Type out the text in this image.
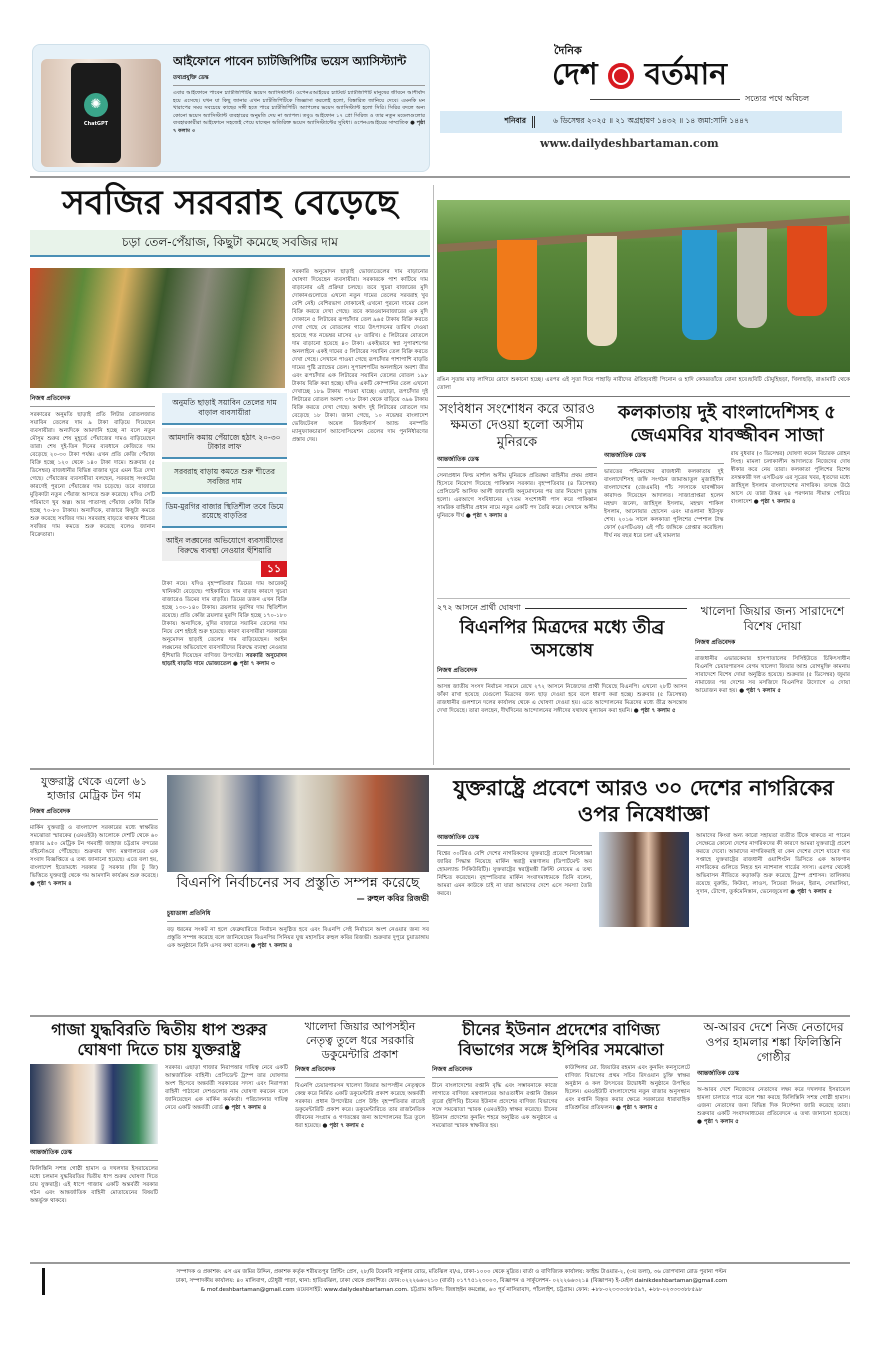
✺
ChatGPT
আইফোনে পাবেন চ্যাটজিপিটির ভয়েস অ্যাসিস্ট্যান্ট
তথ্যপ্রযুক্তি ডেস্ক
এবার আইফোনে পাবেন চ্যাটজিপিটির ভয়েস অ্যাসিস্ট্যান্ট। ওপেনএআইয়ের চ্যাটবট চ্যাটজিপিটি মানুষের জীবনে আশীর্বাদ হয়ে এসেছে। যখন যা কিছু জানার এখন চ্যাটজিপিটিকে জিজ্ঞাসা করলেই হলো, বিস্তারিত জানিয়ে দেবে। এমনকি মন খারাপের সময় সবচেয়ে কাছের সঙ্গী হতে পারে চ্যাটজিপিটি। অ্যাপলের ভয়েস অ্যাসিস্ট্যান্ট হলো সিরি। সিরির বদলে অন্য কোনো ভয়েস অ্যাসিস্ট্যান্ট ব্যবহারের অনুমতি দেয় না অ্যাপল। তবুও আইফোন ১৭ প্রো সিরিজ ও তার নতুন মডেলগুলোর ব্যবহারকারীরা আইফোনে সহজেই পেয়ে যাচ্ছেন অতিরিক্ত ভয়েস অ্যাসিস্ট্যান্টের সুবিধা। ওপেনএআইয়ের সাম্প্রতিক ● পৃষ্ঠা ৭ কলাম ৩
দৈনিক
দেশ বর্তমান
সত্যের পথে অবিচল
শনিবার	৬ ডিসেম্বর ২০২৫ ॥ ২১ অগ্রহায়ণ ১৪৩২ ॥ ১৪ জমা:সানি ১৪৪৭
www.dailydeshbartaman.com
সবজির সরবরাহ বেড়েছে
চড়া তেল-পেঁয়াজ, কিছুটা কমেছে সবজির দাম
নিজস্ব প্রতিবেদক
সরকারের অনুমতি ছাড়াই প্রতি লিটার বোতলজাত সয়াবিন তেলের দাম ৯ টাকা বাড়িয়ে দিয়েছেন ব্যবসায়ীরা। অন্যদিকে আমদানি হচ্ছে না বলে নতুন মৌসুম শুরুর শেষ মুহূর্তে পেঁয়াজের দামও বাড়িয়েছেন তারা। শেষ দুই-তিন দিনের ব্যবধানে কেজিতে দাম বেড়েছে ২০-৩০ টাকা পর্যন্ত। এখন প্রতি কেজি পেঁয়াজ বিক্রি হচ্ছে ১২০ থেকে ১৪০ টাকা দামে। শুক্রবার (৫ ডিসেম্বর) রাজধানীর বিভিন্ন বাজার ঘুরে এমন চিত্র দেখা গেছে। পেঁয়াজের ব্যবসায়ীরা বলছেন, সরবরাহ সংকটের কারণেই পুরনো পেঁয়াজের দাম চড়েছে। তবে বাজারে মুড়িকাটা নতুন পেঁয়াজ আসতে শুরু করেছে। যদিও সেটি পরিমাণে খুব অল্প। আর পাতাসহ পেঁয়াজ কেজি বিক্রি হচ্ছে ৭০-৮০ টাকায়। অন্যদিকে, বাজারে কিছুটা কমতে শুরু করেছে সবজির দাম। সরবরাহ বাড়তে থাকায় শীতের সবজির দাম কমতে শুরু করেছে বলেও জানান বিক্রেতারা।
অনুমতি ছাড়াই সয়াবিন তেলের দাম বাড়াল ব্যবসায়ীরা
আমদানি কমায় পেঁয়াজে হঠাৎ ২০-৩০ টাকার লাফ
সরবরাহ বাড়ায় কমতে শুরু শীতের সবজির দাম
ডিম-মুরগির বাজার স্থিতিশীল তবে ডিমে রয়েছে বাড়তির
আইন লঙ্ঘনের অভিযোগে ব্যবসায়ীদের বিরুদ্ধে ব্যবস্থা নেওয়ার হুঁশিয়ারি
১১
টাকা নয়ে। যদিও বৃহস্পতিবার ডিমের দাম আরেকটু খানিকটা বেড়েছে। পাইকারিতে দাম বাড়ার কারণে খুচরা বাজারেও ডিমের দাম বাড়তি। ডিমের ডজন এখন বিক্রি হচ্ছে ১৩০-১৪০ টাকায়। ব্রয়লার মুরগির দাম স্থিতিশীল রয়েছে। প্রতি কেজি ব্রয়লার মুরগি বিক্রি হচ্ছে ১৭০-১৮০ টাকায়। অন্যদিকে, মুদির বাজারে সয়াবিন তেলের দাম নিয়ে বেশ হইচই শুরু হয়েছে। কারণ ব্যবসায়ীরা সরকারের অনুমোদন ছাড়াই তেলের দাম বাড়িয়েছেন। আইন লঙ্ঘনের অভিযোগে ব্যবসায়ীদের বিরুদ্ধে ব্যবস্থা নেওয়ার হুঁশিয়ারি দিয়েছেন বাণিজ্য উপদেষ্টা। সরকারি অনুমোদন ছাড়াই বাড়তি দামে ভোজ্যতেল ● পৃষ্ঠা ৭ কলাম ৩
সরকারি অনুমোদন ছাড়াই ভোজ্যতেলের দাম বাড়ানোর ঘোষণা দিয়েছেন ব্যবসায়ীরা। সরকারকে পাশ কাটিয়ে দাম বাড়ানোর এই প্রক্রিয়া চলছে। তবে খুচরা বাজারের মুদি দোকানগুলোতে এখনো নতুন দামের তেলের সরবরাহ খুব বেশি নেই। বেশিরভাগ দোকানেই এখনো পুরনো দামের তেল বিক্রি করতে দেখা গেছে। তবে কারওয়ানবাজারের এক মুদি দোকানে ৫ লিটারের রূপচাঁদার তেল ৯৬৫ টাকায় বিক্রি করতে দেখা গেছে যে বোতলের গায়ে উৎপাদনের তারিখ দেওয়া হয়েছে গত নভেম্বর মাসের ২৮ তারিখ। ৫ লিটারের বোতলে দাম বাড়ানো হয়েছে ৪৩ টাকা। একইভাবে স্বপ্ন সুপারশপের অনলাইনে একই দামের ৫ লিটারের সয়াবিন তেল বিক্রি করতে দেখা গেছে। সেখানে পাওয়া গেছে রূপচাঁদার পাশাপাশি বাড়তি দামের পুষ্টি ব্র্যান্ডের তেল। সুপারশপটির অনলাইনে অবশ্য তীর এবং রূপচাঁদার এক লিটারের সয়াবিন তেলের বোতল ১৯৮ টাকায় বিক্রি করা হচ্ছে। যদিও একটি কোম্পানির তেল এখনো দেখাচ্ছে ১৮৯ টাকায় পাওয়া যাচ্ছে। এছাড়া, রূপচাঁদার দুই লিটারের বোতল অবশ্য ৩৭৮ টাকা থেকে বাড়িয়ে ৩৯৬ টাকায় বিক্রি করতে দেখা গেছে। অর্থাৎ দুই লিটারের বোতলে দাম বেড়েছে ১৮ টাকা। জানা গেছে, ১০ নভেম্বর বাংলাদেশ ভেজিটেবল অয়েল রিফাইনার্স অ্যান্ড বনস্পতি ম্যানুফ্যাকচারার্স অ্যাসোসিয়েশন তেলের দাম পুনর্নির্ধারণের প্রস্তাব দেয়।
রঙিন সুতায় মাড় লাগিয়ে রোদে শুকানো হচ্ছে। এরপর এই সুতা দিয়ে পাহাড়ি নারীদের ঐতিহ্যবাহী পিনোন ও হাদি কোমরতাঁতে বোনা হবে।ছবিটি চৌমুহিছড়া, খিলাছড়ি, রাঙামাটি থেকে তোলা
সংবিধান সংশোধন করে আরও ক্ষমতা দেওয়া হলো অসীম মুনিরকে
আন্তর্জাতিক ডেস্ক
সেনাপ্রধান ফিল্ড মার্শাল অসীম মুনিরকে প্রতিরক্ষা বাহিনীর প্রথম প্রধান হিসেবে নিয়োগ দিয়েছে পাকিস্তান সরকার। বৃহস্পতিবার (৪ ডিসেম্বর) প্রেসিডেন্ট আসিফ আলী জারদারি অনুমোদনের পর তার নিয়োগ চূড়ান্ত হলো। এরআগে সংবিধানের ২৭তম সংশোধনী পাস করে পাকিস্তান সামরিক বাহিনীর প্রধান নামে নতুন একটি পদ তৈরি করে। সেখানে অসীম মুনিরকে দীর্ঘ ● পৃষ্ঠা ৭ কলাম ৪
কলকাতায় দুই বাংলাদেশিসহ ৫ জেএমবির যাবজ্জীবন সাজা
আন্তর্জাতিক ডেস্ক
ভারতের পশ্চিমবঙ্গের রাজধানী কলকাতায় দুই বাংলাদেশিসহ জঙ্গি সংগঠন জামাআতুল মুজাহিদীন বাংলাদেশের (জেএমবি) পাঁচ সদস্যকে যাবজ্জীবন কারাদণ্ড দিয়েছেন আদালত। সাজাপ্রাপ্তরা হলেন মহম্মদ জনেদ, জাহিদুল ইসলাম, মহম্মদ শাকিল ইসলাম, আনোয়ার হোসেন এবং মাওলানা ইউসুফ শেখ। ২০১৬ সালে কলকাতা পুলিশের স্পেশাল টাস্ক ফোর্স (এসটিএফ) এই পাঁচ জঙ্গিকে গ্রেপ্তার করেছিল। দীর্ঘ নয় বছর ধরে চলা এই মামলার
রায় বুধবার (৩ ডিসেম্বর) ঘোষণা করেন বিচারক রোহন সিংহ। মামলা চলাকালীন আদালতে নিজেদের দোষ স্বীকার করে নেয় তারা। কলকাতা পুলিশের বিশেষ তদন্তকারী দল এসটিএফ এর সূত্রের খবর, ধৃতদের মধ্যে জাহিদুল ইসলাম বাংলাদেশের নাগরিক। তদন্তে উঠে আসে যে তারা উত্তর ২৪ পরগনার সীমান্ত পেরিয়ে বাংলাদেশ ● পৃষ্ঠা ৭ কলাম ৪
২৭২ আসনে প্রার্থী ঘোষণা
বিএনপির মিত্রদের মধ্যে তীব্র অসন্তোষ
নিজস্ব প্রতিবেদক
আসন্ন জাতীয় সংসদ নির্বাচন সামনে রেখে ২৭২ আসনে নিজেদের প্রার্থী দিয়েছে বিএনপি। এখনো ২৮টি আসন ফাঁকা রাখা হয়েছে যেগুলো মিত্রদের জন্য ছাড় দেওয়া হবে বলে ধারণা করা হচ্ছে। শুক্রবার (৫ ডিসেম্বর) রাজধানীর গুলশানে দলের কার্যালয় থেকে এ ঘোষণা দেওয়া হয়। এতে আন্দোলনের মিত্রদের মধ্যে তীব্র অসন্তোষ দেখা দিয়েছে। তারা বলছেন, দীর্ঘদিনের আন্দোলনের সঙ্গীদের যথাযথ মূল্যায়ন করা হয়নি। ● পৃষ্ঠা ৭ কলাম ৫
খালেদা জিয়ার জন্য সারাদেশে বিশেষ দোয়া
নিজস্ব প্রতিবেদক
রাজধানীর এভারকেয়ার হাসপাতালের সিসিইউতে চিকিৎসাধীন বিএনপি চেয়ারপারসন বেগম খালেদা জিয়ার আশু রোগমুক্তি কামনায় সারাদেশে বিশেষ দোয়া অনুষ্ঠিত হয়েছে। শুক্রবার (৫ ডিসেম্বর) জুমার নামাজের পর দেশের সব মসজিদে বিএনপির উদ্যোগে এ দোয়া আয়োজন করা হয়। ● পৃষ্ঠা ৭ কলাম ৫
যুক্তরাষ্ট্র থেকে এলো ৬১ হাজার মেট্রিক টন গম
নিজস্ব প্রতিবেদক
মার্কিন যুক্তরাষ্ট্র ও বাংলাদেশ সরকারের মধ্যে স্বাক্ষরিত সমঝোতা স্মারকের (এমওইউ) আলোকে দেশটি থেকে ৬০ হাজার ৯৫০ মেট্রিক টন গমবাহী জাহাজ চট্টগ্রাম বন্দরের বহির্নোঙরে পৌঁছেছে। শুক্রবার খাদ্য মন্ত্রণালয়ের এক সংবাদ বিজ্ঞপ্তিতে এ তথ্য জানানো হয়েছে। এতে বলা হয়, বাংলাদেশ ইতোমধ্যে সরকার টু সরকার (জি টু জি) ভিত্তিতে যুক্তরাষ্ট্র থেকে গম আমদানি কার্যক্রম শুরু করেছে। ● পৃষ্ঠা ৭ কলাম ৪	বিএনপি নির্বাচনের সব প্রস্তুতি সম্পন্ন করেছে
— রুহুল কবির রিজভী
চুয়াডাঙ্গা প্রতিনিধি
বড় ধরনের সংকট না হলে ফেব্রুয়ারিতে নির্বাচন অনুষ্ঠিত হবে এবং বিএনপি সেই নির্বাচনে অংশ নেওয়ার জন্য সব প্রস্তুতি সম্পন্ন করেছে বলে জানিয়েছেন বিএনপির সিনিয়র যুগ্ম মহাসচিব রুহুল কবির রিজভী। শুক্রবার দুপুরে চুয়াডাঙ্গায় এক অনুষ্ঠানে তিনি এসব কথা বলেন। ● পৃষ্ঠা ৭ কলাম ৪
যুক্তরাষ্ট্রে প্রবেশে আরও ৩০ দেশের নাগরিকের ওপর নিষেধাজ্ঞা
আন্তর্জাতিক ডেস্ক
বিশ্বের ৩০টিরও বেশি দেশের নাগরিকদের যুক্তরাষ্ট্রে প্রবেশে নিষেধাজ্ঞা জারির সিদ্ধান্ত নিয়েছে মার্কিন স্বরাষ্ট্র মন্ত্রণালয় (ডিপার্টমেন্ট অব হোমল্যান্ড সিকিউরিটি)। যুক্তরাষ্ট্রের স্বরাষ্ট্রমন্ত্রী ক্রিস্টি নোয়েম এ তথ্য নিশ্চিত করেছেন। বৃহস্পতিবার মার্কিন সংবাদমাধ্যমকে তিনি বলেন, আমরা এমন কাউকে চাই না যারা আমাদের দেশে এসে সমস্যা তৈরি করবে।
আমাদের কিংবা অন্য কারো সহায়তা ব্যতীত টিকে থাকতে না পারেন সেক্ষেত্রে কোনো দেশের নাগরিকদের কী কারণে আমরা যুক্তরাষ্ট্রে প্রবেশ করতে দেবো। আমাদের নাগরিকরাই বা কেন দেশের দেশে যাবে? গত সপ্তাহে যুক্তরাষ্ট্রের রাজধানী ওয়াশিংটন ডিসিতে এক আফগান নাগরিকের গুলিতে নিহত হন ন্যাশনাল গার্ডের সদস্য। এরপর থেকেই অভিবাসন নীতিতে কড়াকড়ি শুরু করেছে ট্রাম্প প্রশাসন। তালিকায় রয়েছে বুরুন্ডি, কিউবা, লাওস, সিয়েরা লিওন, ইরান, সোমালিয়া, সুদান, টোগো, তুর্কমেনিস্তান, ভেনেজুয়েলা ● পৃষ্ঠা ৭ কলাম ৫
গাজা যুদ্ধবিরতি দ্বিতীয় ধাপ শুরুর ঘোষণা দিতে চায় যুক্তরাষ্ট্র
আন্তর্জাতিক ডেস্ক
ফিলিস্তিনি সশস্ত্র গোষ্ঠী হামাস ও দখলদার ইসরায়েলের মধ্যে চলমান যুদ্ধবিরতির দ্বিতীয় ধাপ শুরুর ঘোষণা দিতে চায় যুক্তরাষ্ট্র। এই ধাপে গাজায় একটি অন্তর্বর্তী সরকার গঠন এবং আন্তর্জাতিক বাহিনী মোতায়েনের বিষয়টি অন্তর্ভুক্ত থাকবে।
সরকার। এছাড়া গাজার নিরাপত্তার দায়িত্ব নেবে একটি আন্তর্জাতিক বাহিনী। প্রেসিডেন্ট ট্রাম্প তার ঘোষণার অংশ হিসেবে অন্তর্বর্তী সরকারের সদস্য এবং নিরাপত্তা বাহিনী পাঠানো দেশগুলোর নাম ঘোষণা করবেন বলে জানিয়েছেন এক মার্কিন কর্মকর্তা। পরিচালনার দায়িত্ব নেবে একটি অন্তর্বর্তী বোর্ড ● পৃষ্ঠা ৭ কলাম ৪
খালেদা জিয়ার আপসহীন নেতৃত্ব তুলে ধরে সরকারি ডকুমেন্টারি প্রকাশ
নিজস্ব প্রতিবেদক
বিএনপি চেয়ারপারসন খালেদা জিয়ার আপসহীন নেতৃত্বকে কেন্দ্র করে নির্মিত একটি ডকুমেন্টারি প্রকাশ করেছে অন্তর্বর্তী সরকার। প্রধান উপদেষ্টার প্রেস উইং বৃহস্পতিবার রাতেই ডকুমেন্টারিটি প্রকাশ করে। ডকুমেন্টারিতে তার রাজনৈতিক জীবনের সংগ্রাম ও গণতন্ত্রের জন্য আন্দোলনের চিত্র তুলে ধরা হয়েছে। ● পৃষ্ঠা ৭ কলাম ৫
চীনের ইউনান প্রদেশের বাণিজ্য বিভাগের সঙ্গে ইপিবির সমঝোতা
নিজস্ব প্রতিবেদক
চীনে বাংলাদেশের রপ্তানি বৃদ্ধি এবং সম্ভাবনাকে কাজে লাগাতে বাণিজ্য মন্ত্রণালয়ের আওতাধীন রপ্তানি উন্নয়ন ব্যুরো (ইপিবি) চীনের ইউনান প্রদেশের বাণিজ্য বিভাগের সঙ্গে সমঝোতা স্মারক (এমওইউ) স্বাক্ষর করেছে। চীনের ইউনান প্রদেশের কুনমিং শহরে অনুষ্ঠিত এক অনুষ্ঠানে এ সমঝোতা স্মারক স্বাক্ষরিত হয়।
কাউন্সিলর মো. জিয়াউর রহমান এবং কুনমিং কনস্যুলেটে বাণিজ্য বিভাগের প্রথম সচিব রিদওয়ান চুক্তি স্বাক্ষর অনুষ্ঠান ও কল উৎসবের উদ্বোধনী অনুষ্ঠানে উপস্থিত ছিলেন। এমওইউটি বাংলাদেশের নতুন বাজার অনুসন্ধান এবং রপ্তানি বিস্তৃত করার ক্ষেত্রে সরকারের ধারাবাহিক প্রতিশ্রুতির প্রতিফলন। ● পৃষ্ঠা ৭ কলাম ৫
অ-আরব দেশে নিজ নেতাদের ওপর হামলার শঙ্কা ফিলিস্তিনি গোষ্ঠীর
আন্তর্জাতিক ডেস্ক
অ-আরব দেশে নিজেদের নেতাদের লক্ষ্য করে দখলদার ইসরায়েল হামলা চালাতে পারে বলে শঙ্কা করছে ফিলিস্তিনি সশস্ত্র গোষ্ঠী হামাস। এজন্য নেতাদের জন্য বিভিন্ন দিক নির্দেশনা জারি করেছে তারা। শুক্রবার একটি সংবাদমাধ্যমের প্রতিবেদনে এ তথ্য জানানো হয়েছে। ● পৃষ্ঠা ৭ কলাম ৫
সম্পাদক ও প্রকাশক: এস এম জমির উদ্দিন, প্রকাশক কর্তৃক শরীয়তপুর প্রিন্টিং প্রেস, ২৮/বি টয়েনবি সার্কুলার রোড, মতিঝিল বা/এ, ঢাকা-১০০০ থেকে মুদ্রিত। বার্তা ও বাণিজ্যিক কার্যালয়: ফাইন্ড টাওয়ার-২, (৩য় তলা), ৩৬ তোপখানা রোড পুরানা পল্টন
ঢাকা, সম্পাদকীয় কার্যালয়: ৪০ মালিবাগ, চৌধুরী পাড়া, থানা: হাতিরঝিল, ঢাকা থেকে প্রকাশিত। ফোন:০২২২৬৬৩২১৩ (বার্তা) ০১৭৭৫১২৩০০৩, বিজ্ঞাপন ও সার্কুলেশন- ০২২২৬৬৩২১৪ (বিজ্ঞাপন) ই-মেইল dainikdeshbartaman@gmail.com
& mof.deshbartaman@gmail.com ওয়েবসাইট: www.dailydeshbartaman.com. চট্টগ্রাম অফিস: জিন্নাহইন কমপ্লেক্স, ৬৩ পূর্ব নাসিরাবাদ, পাঁচলাইশ, চট্টগ্রাম। ফোন: +৮৮-০২৩৩৩৩৮৮৫৯৭, +৮৮-০২৩৩৩৩৮৮৫৯৮
